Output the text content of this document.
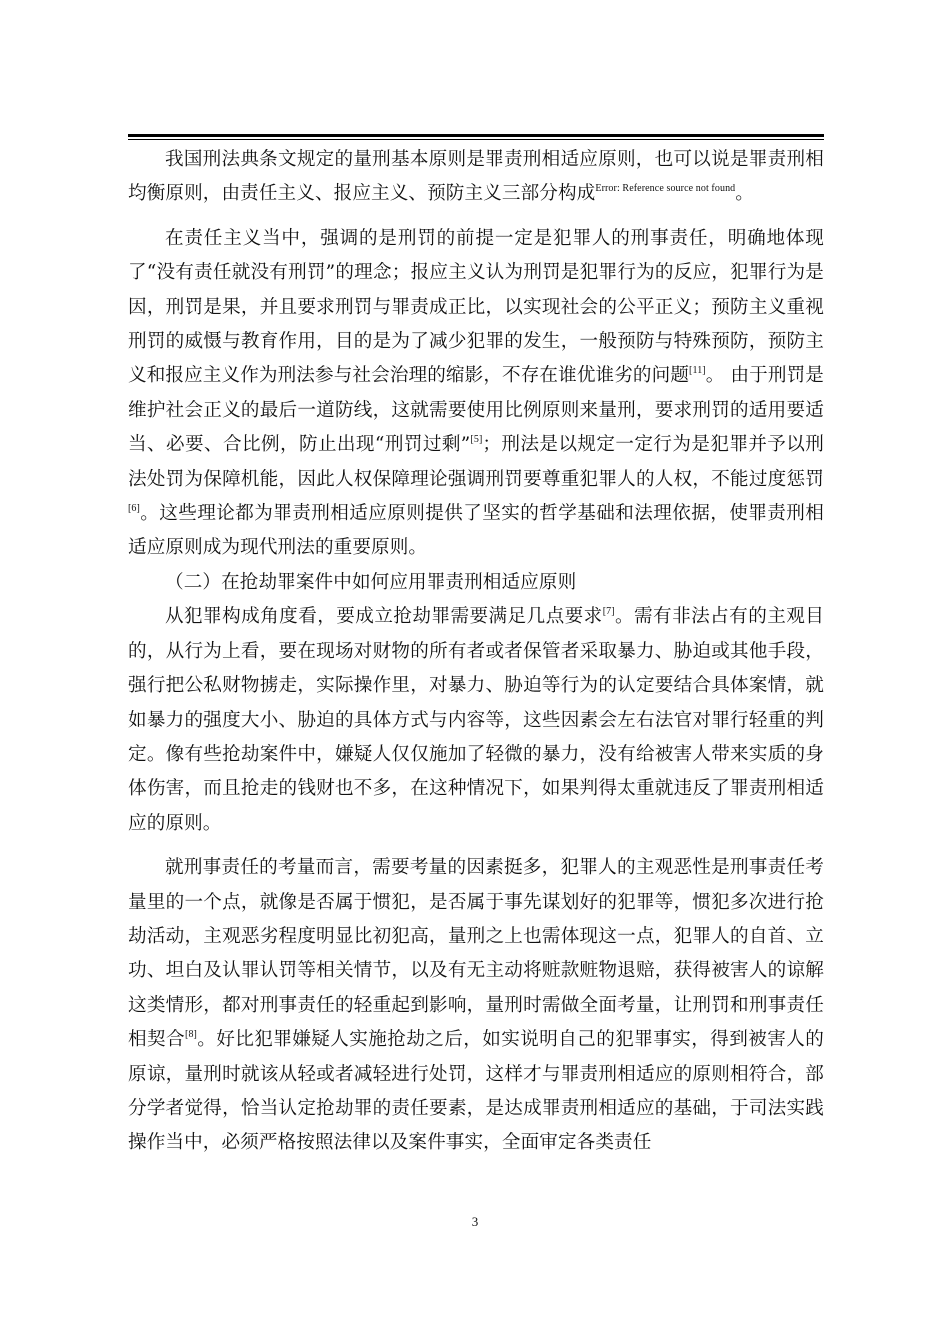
我国刑法典条文规定的量刑基本原则是罪责刑相适应原则，也可以说是罪责刑相均衡原则，由责任主义、报应主义、预防主义三部分构成$^{Error: Reference source not found}$。

在责任主义当中，强调的是刑罚的前提一定是犯罪人的刑事责任，明确地体现了“没有责任就没有刑罚”的理念；报应主义认为刑罚是犯罪行为的反应，犯罪行为是因，刑罚是果，并且要求刑罚与罪责成正比，以实现社会的公平正义；预防主义重视刑罚的威慑与教育作用，目的是为了减少犯罪的发生，一般预防与特殊预防，预防主义和报应主义作为刑法参与社会治理的缩影，不存在谁优谁劣的问题[11]。 由于刑罚是维护社会正义的最后一道防线，这就需要使用比例原则来量刑，要求刑罚的适用要适当、必要、合比例，防止出现“刑罚过剩”[5]；刑法是以规定一定行为是犯罪并予以刑法处罚为保障机能，因此人权保障理论强调刑罚要尊重犯罪人的人权，不能过度惩罚[6]。这些理论都为罪责刑相适应原则提供了坚实的哲学基础和法理依据，使罪责刑相适应原则成为现代刑法的重要原则。

（二）在抢劫罪案件中如何应用罪责刑相适应原则

从犯罪构成角度看，要成立抢劫罪需要满足几点要求[7]。需有非法占有的主观目的，从行为上看，要在现场对财物的所有者或者保管者采取暴力、胁迫或其他手段，强行把公私财物掳走，实际操作里，对暴力、胁迫等行为的认定要结合具体案情，就如暴力的强度大小、胁迫的具体方式与内容等，这些因素会左右法官对罪行轻重的判定。像有些抢劫案件中，嫌疑人仅仅施加了轻微的暴力，没有给被害人带来实质的身体伤害，而且抢走的钱财也不多，在这种情况下，如果判得太重就违反了罪责刑相适应的原则。

就刑事责任的考量而言，需要考量的因素挺多，犯罪人的主观恶性是刑事责任考量里的一个点，就像是否属于惯犯，是否属于事先谋划好的犯罪等，惯犯多次进行抢劫活动，主观恶劣程度明显比初犯高，量刑之上也需体现这一点，犯罪人的自首、立功、坦白及认罪认罚等相关情节，以及有无主动将赃款赃物退赔，获得被害人的谅解这类情形，都对刑事责任的轻重起到影响，量刑时需做全面考量，让刑罚和刑事责任相契合[8]。好比犯罪嫌疑人实施抢劫之后，如实说明自己的犯罪事实，得到被害人的原谅，量刑时就该从轻或者减轻进行处罚，这样才与罪责刑相适应的原则相符合，部分学者觉得，恰当认定抢劫罪的责任要素，是达成罪责刑相适应的基础，于司法实践操作当中，必须严格按照法律以及案件事实，全面审定各类责任

3
